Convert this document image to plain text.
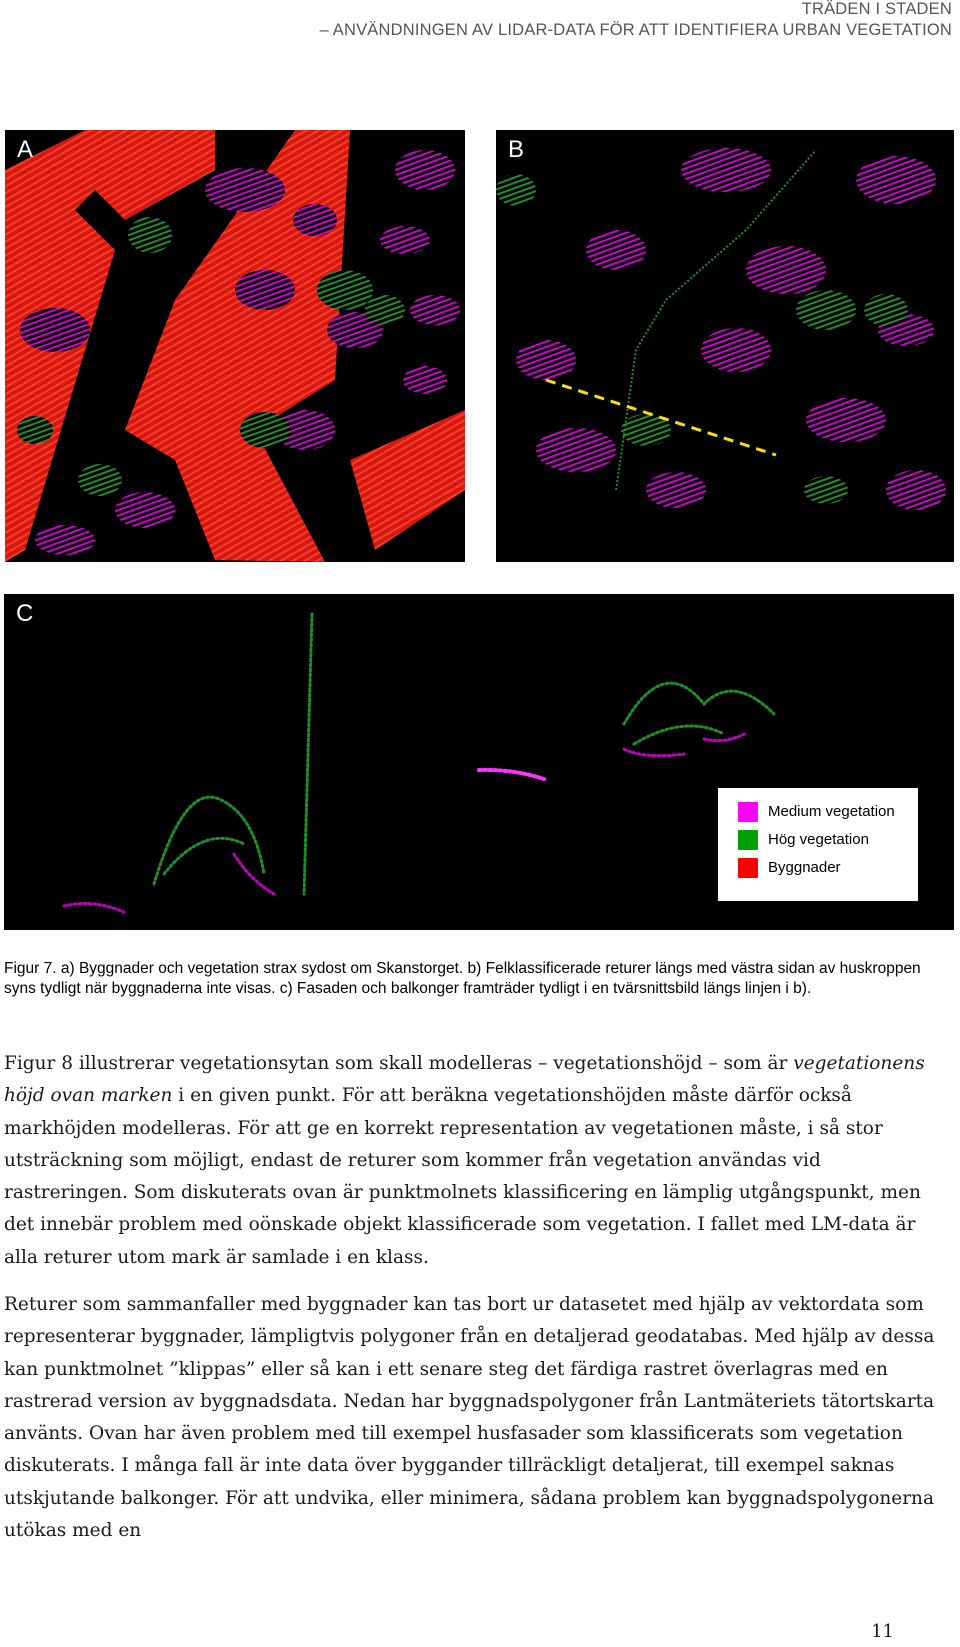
TRÄDEN I STADEN
– ANVÄNDNINGEN AV LIDAR-DATA FÖR ATT IDENTIFIERA URBAN VEGETATION
A	B
C
Medium vegetation
Hög vegetation
Byggnader
Figur 7. a) Byggnader och vegetation strax sydost om Skanstorget. b) Felklassificerade returer längs med västra sidan av huskroppen syns tydligt när byggnaderna inte visas. c) Fasaden och balkonger framträder tydligt i en tvärsnittsbild längs linjen i b).

Figur 8 illustrerar vegetationsytan som skall modelleras – vegetationshöjd – som är vegetationens höjd ovan marken i en given punkt. För att beräkna vegetationshöjden måste därför också markhöjden modelleras. För att ge en korrekt representation av vegetationen måste, i så stor utsträckning som möjligt, endast de returer som kommer från vegetation användas vid rastreringen. Som diskuterats ovan är punktmolnets klassificering en lämplig utgångspunkt, men det innebär problem med oönskade objekt klassificerade som vegetation. I fallet med LM-data är alla returer utom mark är samlade i en klass.

Returer som sammanfaller med byggnader kan tas bort ur datasetet med hjälp av vektordata som representerar byggnader, lämpligtvis polygoner från en detaljerad geodatabas. Med hjälp av dessa kan punktmolnet ”klippas” eller så kan i ett senare steg det färdiga rastret överlagras med en rastrerad version av byggnadsdata. Nedan har byggnadspolygoner från Lantmäteriets tätortskarta använts. Ovan har även problem med till exempel husfasader som klassificerats som vegetation diskuterats. I många fall är inte data över byggander tillräckligt detaljerat, till exempel saknas utskjutande balkonger. För att undvika, eller minimera, sådana problem kan byggnadspolygonerna utökas med en

11
